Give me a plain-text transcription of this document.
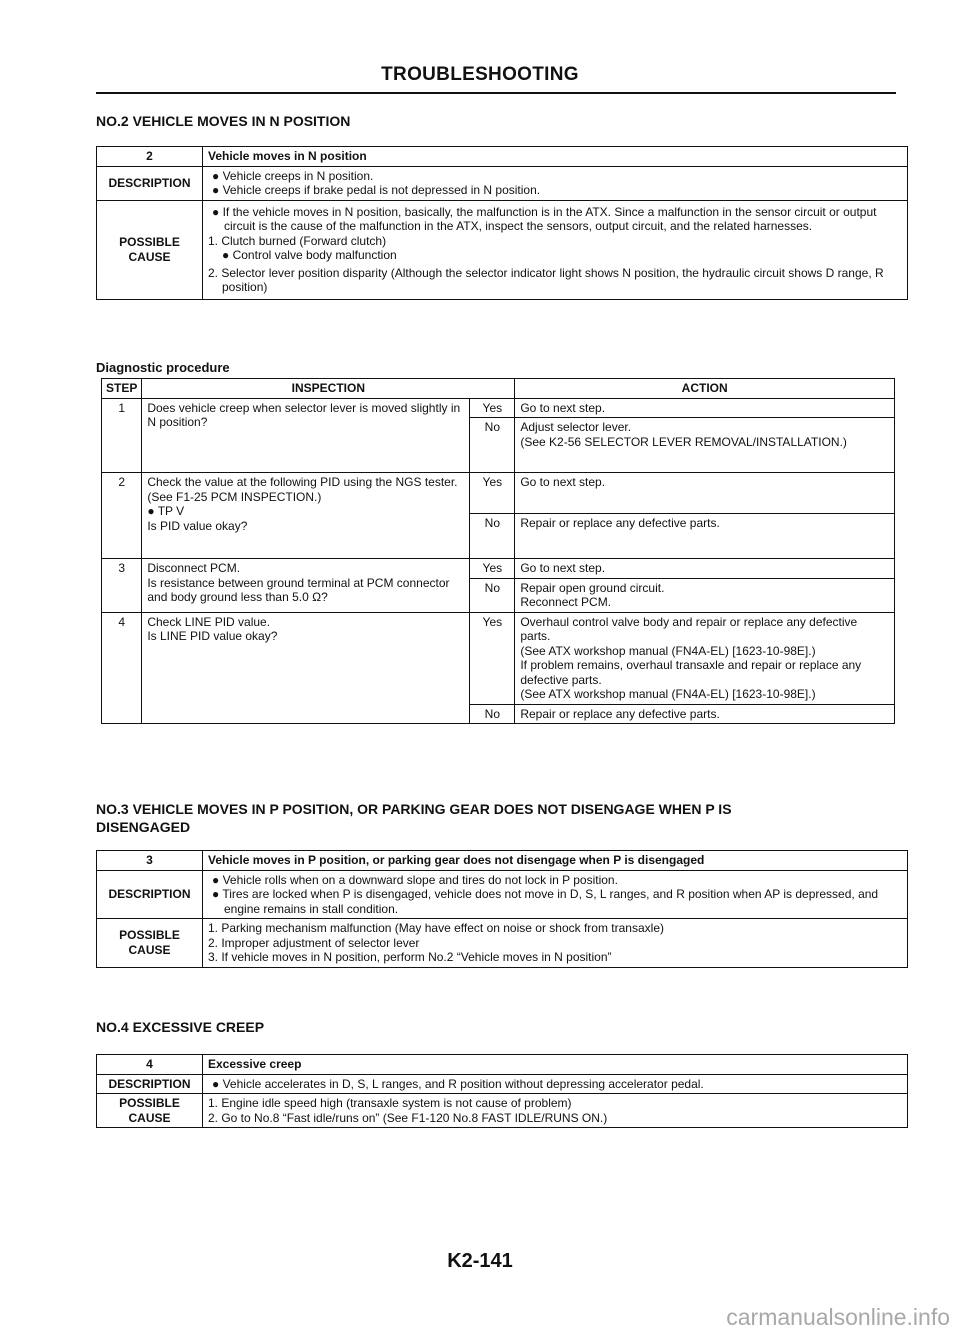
TROUBLESHOOTING
NO.2 VEHICLE MOVES IN N POSITION
2	Vehicle moves in N position
DESCRIPTION	● Vehicle creeps in N position.
● Vehicle creeps if brake pedal is not depressed in N position.

POSSIBLE
CAUSE	● If the vehicle moves in N position, basically, the malfunction is in the ATX. Since a malfunction in the sensor circuit or output circuit is the cause of the malfunction in the ATX, inspect the sensors, output circuit, and the related harnesses.
1. Clutch burned (Forward clutch)
● Control valve body malfunction
2. Selector lever position disparity (Although the selector indicator light shows N position, the hydraulic circuit shows D range, R position)
Diagnostic procedure
STEP	INSPECTION		ACTION
1	Does vehicle creep when selector lever is moved slightly in N position?	Yes	Go to next step.
		No	Adjust selector lever.
(See K2-56 SELECTOR LEVER REMOVAL/INSTALLATION.)
2	Check the value at the following PID using the NGS tester.
(See F1-25 PCM INSPECTION.)
● TP V
Is PID value okay?	Yes	Go to next step.
		No	Repair or replace any defective parts.
3	Disconnect PCM.
Is resistance between ground terminal at PCM connector and body ground less than 5.0 Ω?	Yes	Go to next step.
		No	Repair open ground circuit.
Reconnect PCM.
4	Check LINE PID value.
Is LINE PID value okay?	Yes	Overhaul control valve body and repair or replace any defective parts.
(See ATX workshop manual (FN4A-EL) [1623-10-98E].)
If problem remains, overhaul transaxle and repair or replace any defective parts.
(See ATX workshop manual (FN4A-EL) [1623-10-98E].)
		No	Repair or replace any defective parts.
NO.3 VEHICLE MOVES IN P POSITION, OR PARKING GEAR DOES NOT DISENGAGE WHEN P IS
DISENGAGED
3	Vehicle moves in P position, or parking gear does not disengage when P is disengaged
DESCRIPTION	● Vehicle rolls when on a downward slope and tires do not lock in P position.
● Tires are locked when P is disengaged, vehicle does not move in D, S, L ranges, and R position when AP is depressed, and engine remains in stall condition.

POSSIBLE
CAUSE	1. Parking mechanism malfunction (May have effect on noise or shock from transaxle)
2. Improper adjustment of selector lever
3. If vehicle moves in N position, perform No.2 “Vehicle moves in N position”
NO.4 EXCESSIVE CREEP
4	Excessive creep
DESCRIPTION	● Vehicle accelerates in D, S, L ranges, and R position without depressing accelerator pedal.

POSSIBLE
CAUSE	1. Engine idle speed high (transaxle system is not cause of problem)
2. Go to No.8 “Fast idle/runs on” (See F1-120 No.8 FAST IDLE/RUNS ON.)
K2-141
carmanualsonline.info
